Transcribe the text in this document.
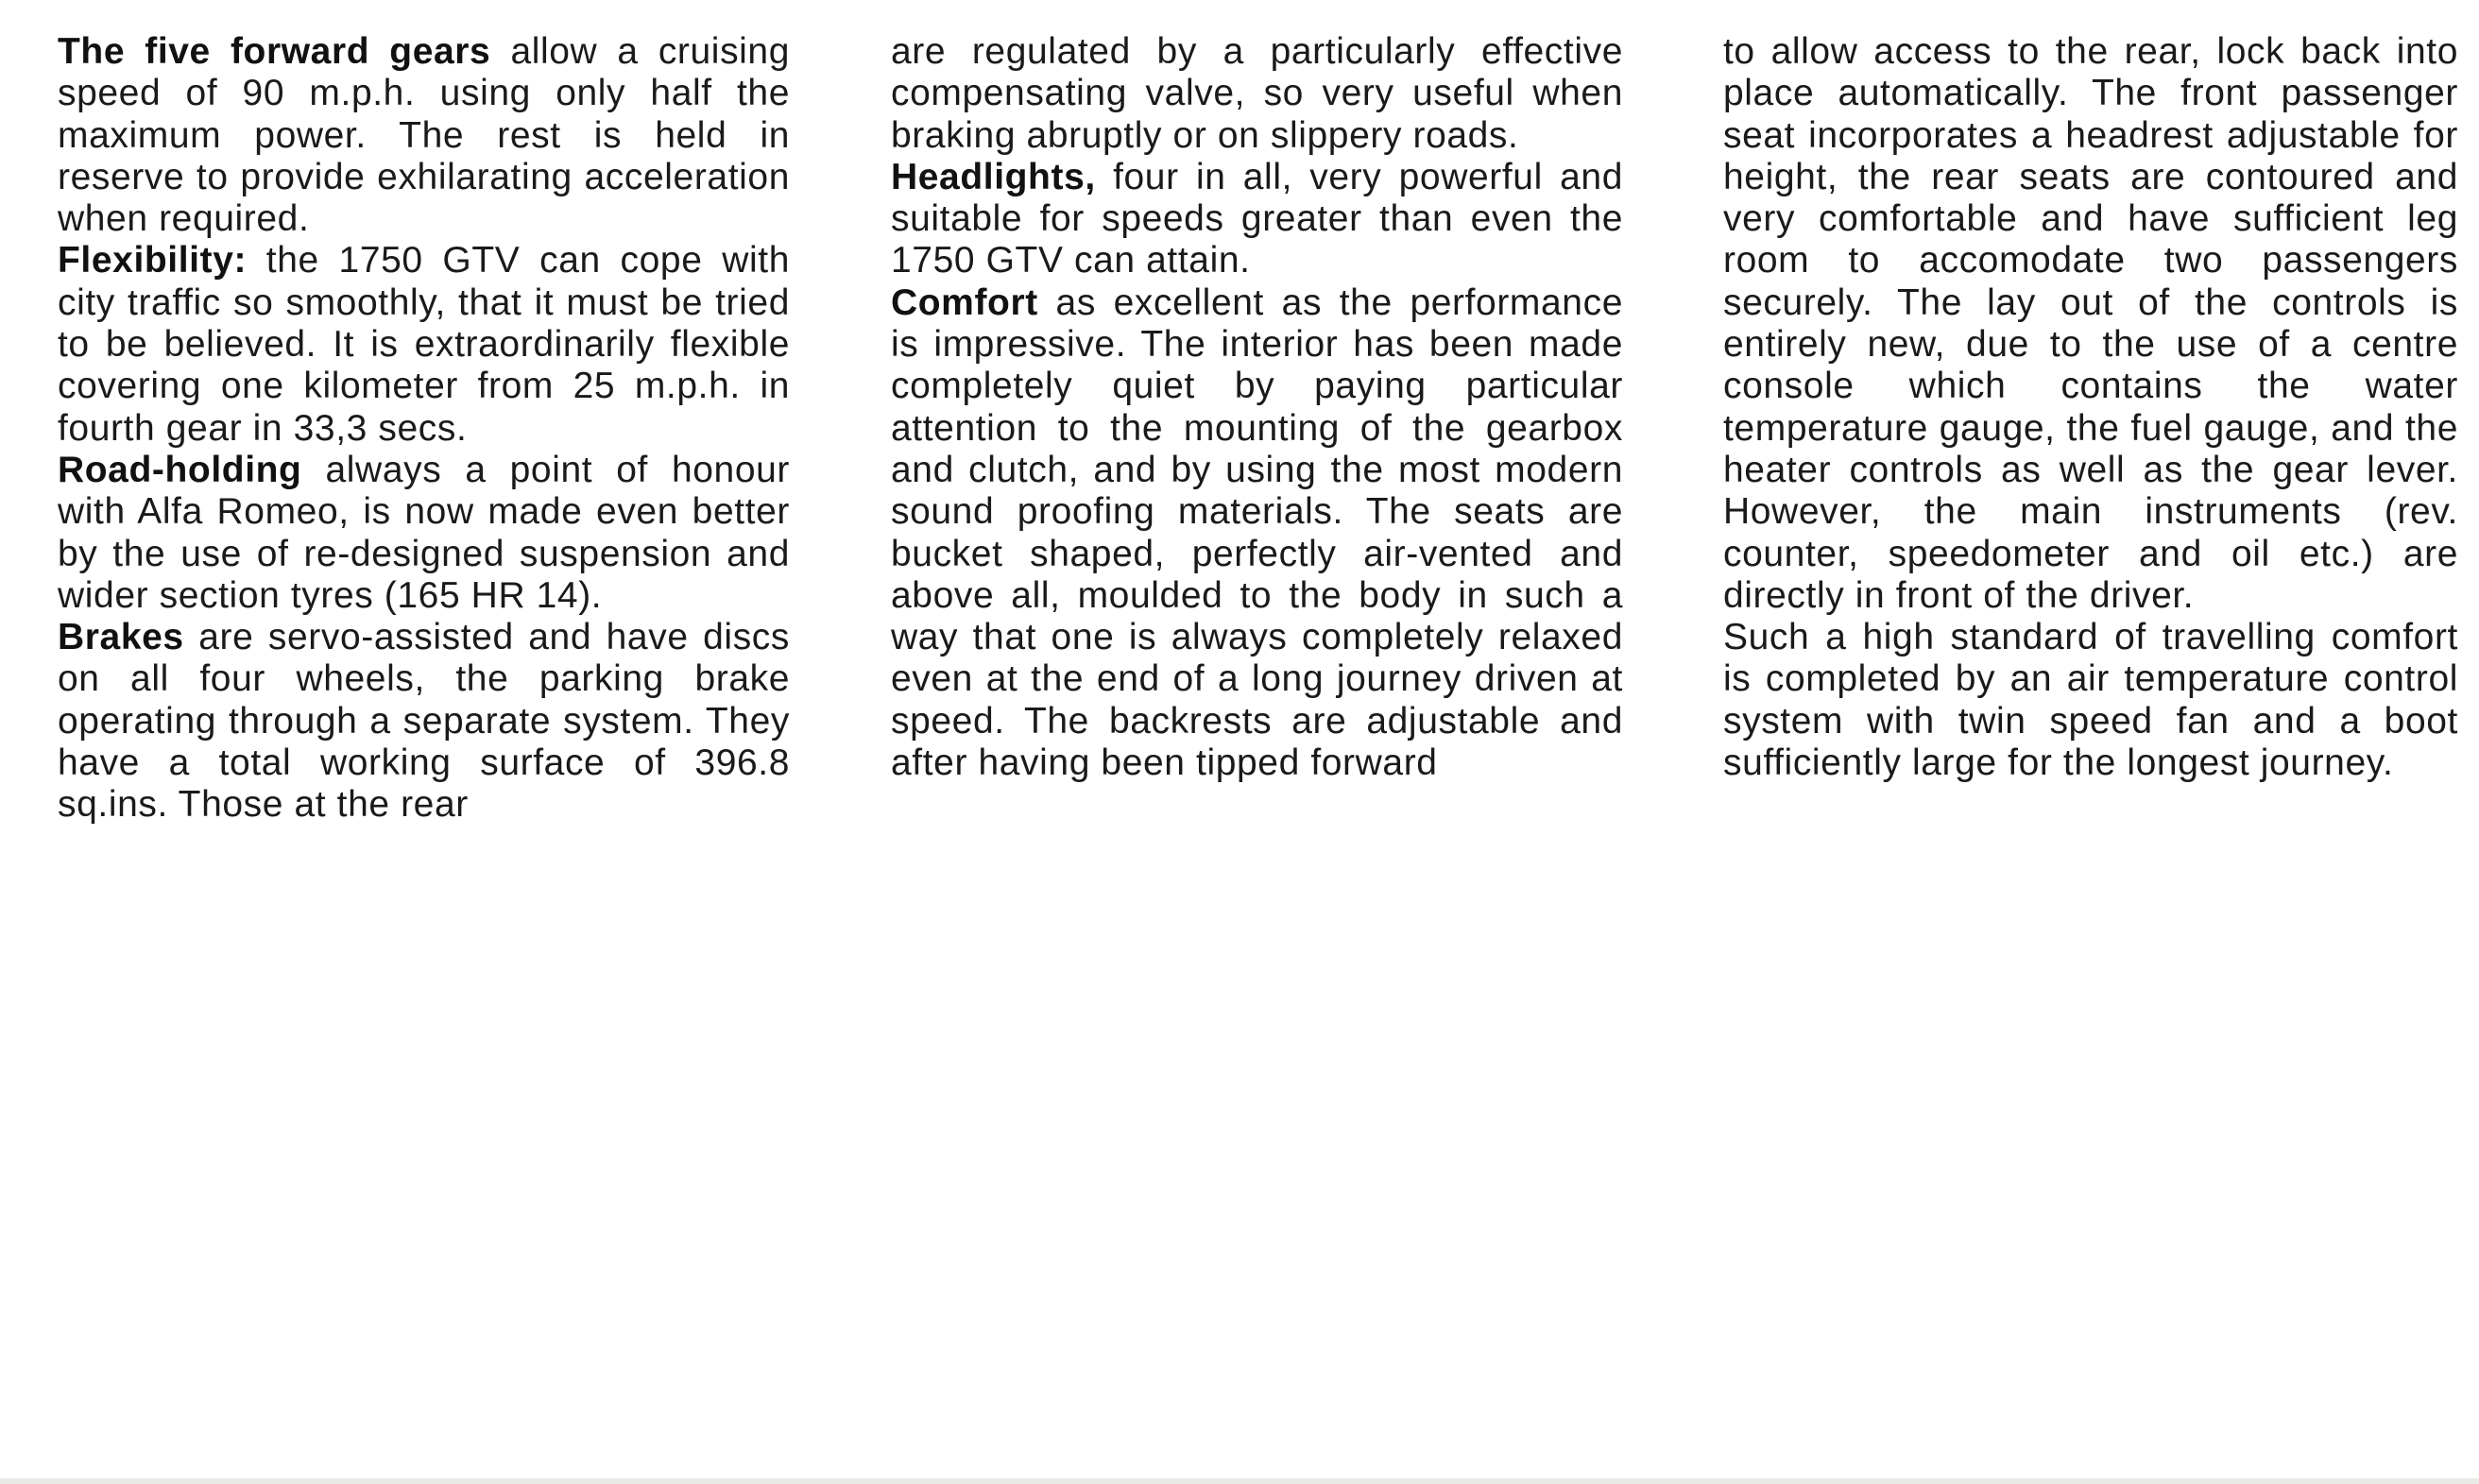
The five forward gears allow a cruising speed of 90 m.p.h. using only half the maximum power. The rest is held in reserve to provide exhilarating acceleration when required.

Flexibility: the 1750 GTV can cope with city traffic so smoothly, that it must be tried to be believed. It is extraordinarily flexible covering one kilometer from 25 m.p.h. in fourth gear in 33,3 secs.

Road-holding always a point of honour with Alfa Romeo, is now made even better by the use of re-designed suspension and wider section tyres (165 HR 14).

Brakes are servo-assisted and have discs on all four wheels, the parking brake operating through a separate system. They have a total working surface of 396.8 sq.ins. Those at the rear

are regulated by a particularly effective compensating valve, so very useful when braking abruptly or on slippery roads.

Headlights, four in all, very powerful and suitable for speeds greater than even the 1750 GTV can attain.

Comfort as excellent as the performance is impressive. The interior has been made completely quiet by paying particular attention to the mounting of the gearbox and clutch, and by using the most modern sound proofing materials. The seats are bucket shaped, perfectly air-vented and above all, moulded to the body in such a way that one is always completely relaxed even at the end of a long journey driven at speed. The backrests are adjustable and after having been tipped forward

to allow access to the rear, lock back into place automatically. The front passenger seat incorporates a headrest adjustable for height, the rear seats are contoured and very comfortable and have sufficient leg room to accomodate two passengers securely. The lay out of the controls is entirely new, due to the use of a centre console which contains the water temperature gauge, the fuel gauge, and the heater controls as well as the gear lever. However, the main instruments (rev. counter, speedometer and oil etc.) are directly in front of the driver.

Such a high standard of travelling comfort is completed by an air temperature control system with twin speed fan and a boot sufficiently large for the longest journey.
